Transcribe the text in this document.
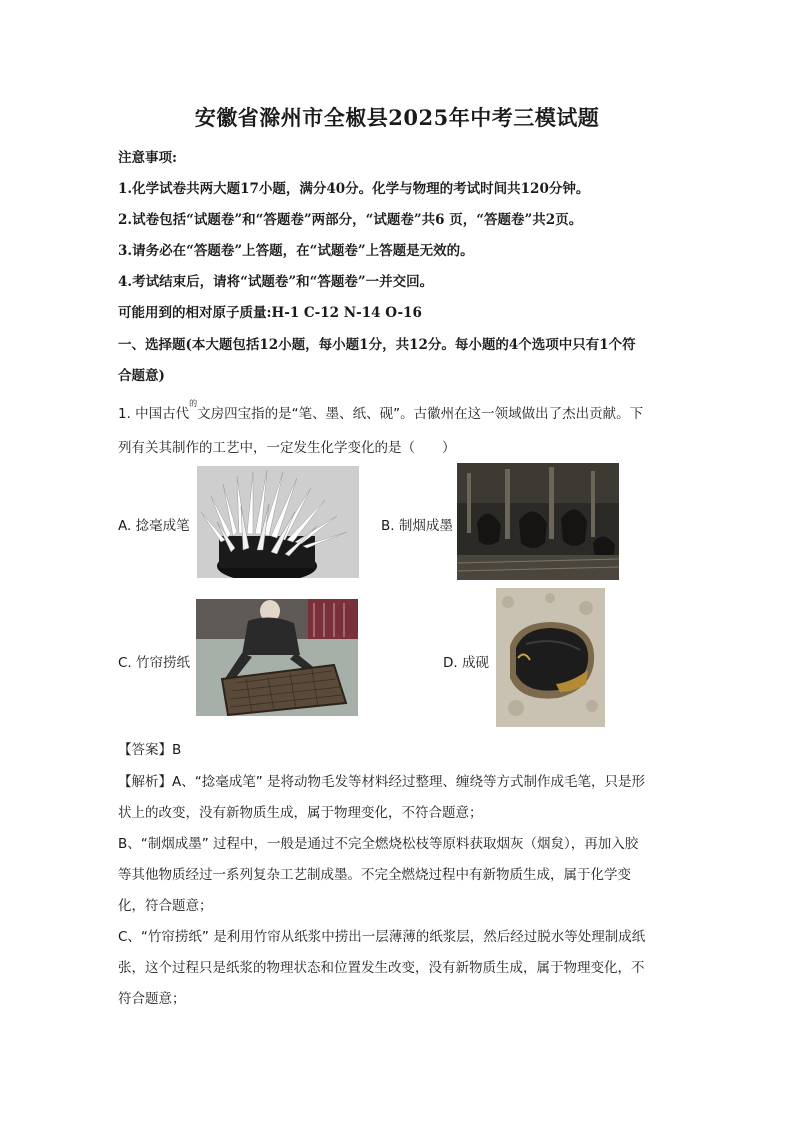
安徽省滁州市全椒县2025年中考三模试题
注意事项:
1.化学试卷共两大题17小题，满分40分。化学与物理的考试时间共120分钟。
2.试卷包括“试题卷”和“答题卷”两部分，“试题卷”共6 页，“答题卷”共2页。
3.请务必在“答题卷”上答题，在“试题卷”上答题是无效的。
4.考试结束后，请将“试题卷”和“答题卷”一并交回。
可能用到的相对原子质量:H-1 C-12 N-14 O-16
一、选择题(本大题包括12小题，每小题1分，共12分。每小题的4个选项中只有1个符
合题意)
1. 中国古代$^的$文房四宝指的是“笔、墨、纸、砚”。古徽州在这一领域做出了杰出贡献。下
列有关其制作的工艺中，一定发生化学变化的是（　　）
A. 捻毫成笔	B. 制烟成墨
C. 竹帘捞纸	D. 成砚
【答案】B
【解析】A、“捻毫成笔” 是将动物毛发等材料经过整理、缠绕等方式制作成毛笔，只是形
状上的改变，没有新物质生成，属于物理变化，不符合题意；
B、“制烟成墨” 过程中，一般是通过不完全燃烧松枝等原料获取烟灰（烟炱），再加入胶
等其他物质经过一系列复杂工艺制成墨。不完全燃烧过程中有新物质生成，属于化学变
化，符合题意；
C、“竹帘捞纸” 是利用竹帘从纸浆中捞出一层薄薄的纸浆层，然后经过脱水等处理制成纸
张，这个过程只是纸浆的物理状态和位置发生改变，没有新物质生成，属于物理变化，不
符合题意；
